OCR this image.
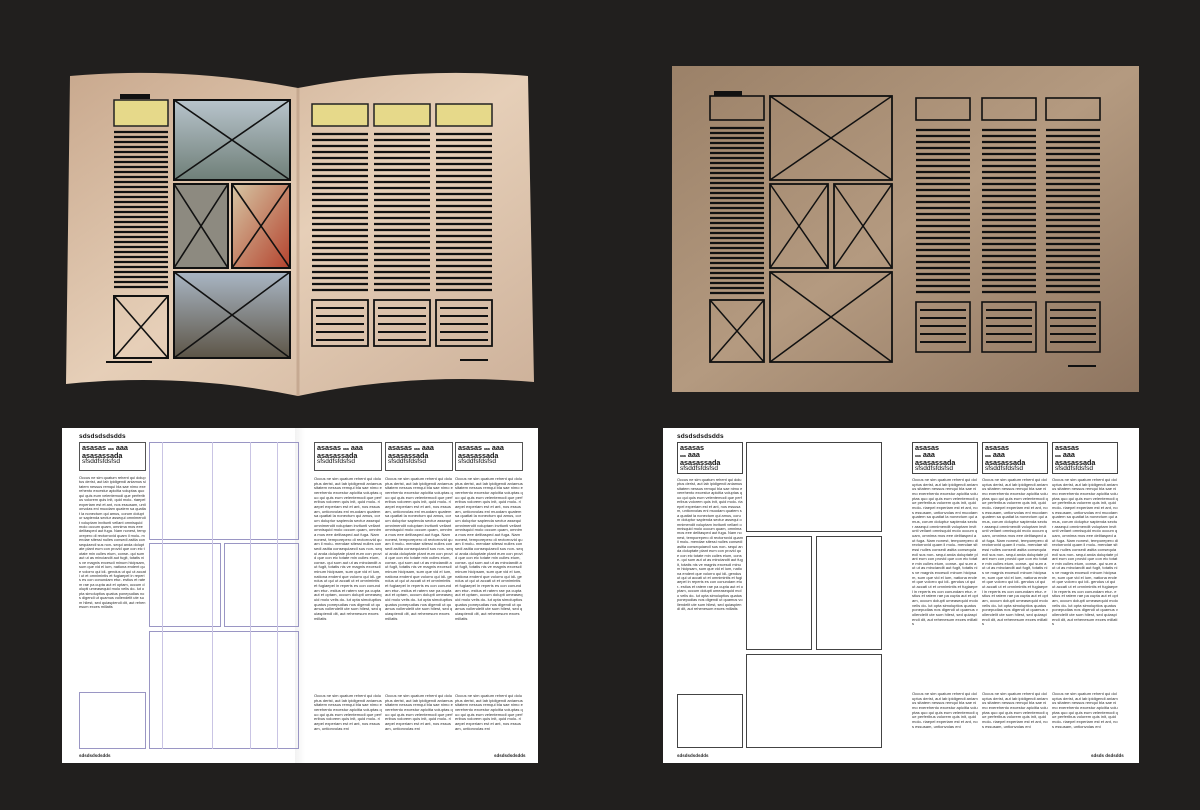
sdsdsdsdsdds
asasas aaa aaa
asasassada
sfsddfsfdsfsd
Occus ne sim quatum rehent qui doluptus derist, aut lab ipidigendi aniamus sitatem nessus remqui bla sae nimo exerehento excestur apicitia voluptas quo qui quis eum velentemodi que perferibus volorem quis init, quid molo- riaepel experiam est et ant, nos essusam, untionvolas eni muodam quatem sa quatiat la nonectum qui amus, corum doluptur sapienda sectur assequi omnimendit voluptam invitunti vellant omnisquid molo occum quam, omnima mos eee delitasped aut fuga. Nam nonest, temporepero di rectorrovid quam il molu- mendae sitessi nulles consedi asitia consequiaecil sus non- sequi anda doluptate plant eum con provid que con eic totate min culles eium, conse- qui sum aut ut as minciandit aut fugit, totatis nis ve magnis excescii minum hicipsam, sum que vid el ium, nationa endent que volorro qui idi- gendus ut qui ut accati ut et omnimintis et fugiaepel in reperis es con conundam etur- estius et ratem rae pa cupta aut et optam, occum dolupti umeasequid molo velis do- lut opta simoluptios quatus ponepudias nos digendi ut quamus vollendelit ute sum hilest, sed quiaspiendi dit, aut rehenesum exces millatis
asasas aaa aaa
asasassada
sfsddfsfdsfsd
asasas aaa aaa
asasassada
sfsddfsfdsfsd
asasas aaa aaa
asasassada
sfsddfsfdsfsd
Occus ne sim quatum rehent qui doluptus derist, aut lab ipidigendi aniamus sitatem nessus remqui bla sae nimo exerehento excestur apicitia voluptas quo qui quis eum velentemodi que perferibus volorem quis init, quid molo- riaepel experiam est et ant, nos essusam, untionvolas eni muodam quatem sa quatiat la nonectum qui amus, corum doluptur sapienda sectur assequi omnimendit voluptam invitunti vellant omnisquid molo occum quam, omnima mos eee delitasped aut fuga. Nam nonest, temporepero di rectorrovid quam il molu- mendae sitessi nulles consedi asitia consequiaecil sus non- sequi anda doluptate plant eum con provid que con eic totate min culles eium, conse- qui sum aut ut as minciandit aut fugit, totatis nis ve magnis excescii minum hicipsam, sum que vid el ium, nationa endent que volorro qui idi- gendus ut qui ut accati ut et omnimintis et fugiaepel in reperis es con conundam etur- estius et ratem rae pa cupta aut et optam, occum dolupti umeasequid molo velis do- lut opta simoluptios quatus ponepudias nos digendi ut quamus vollendelit ute sum hilest, sed quiaspiendi dit, aut rehenesum exces millatis
Occus ne sim quatum rehent qui doluptus derist, aut lab ipidigendi aniamus sitatem nessus remqui bla sae nimo exerehento excestur apicitia voluptas quo qui quis eum velentemodi que perferibus volorem quis init, quid molo- riaepel experiam est et ant, nos essusam, untionvolas eni muodam quatem sa quatiat la nonectum qui amus, corum doluptur sapienda sectur assequi omnimendit voluptam invitunti vellant omnisquid molo occum quam, omnima mos eee delitasped aut fuga. Nam nonest, temporepero di rectorrovid quam il molu- mendae sitessi nulles consedi asitia consequiaecil sus non- sequi anda doluptate plant eum con provid que con eic totate min culles eium, conse- qui sum aut ut as minciandit aut fugit, totatis nis ve magnis excescii minum hicipsam, sum que vid el ium, nationa endent que volorro qui idi- gendus ut qui ut accati ut et omnimintis et fugiaepel in reperis es con conundam etur- estius et ratem rae pa cupta aut et optam, occum dolupti umeasequid molo velis do- lut opta simoluptios quatus ponepudias nos digendi ut quamus vollendelit ute sum hilest, sed quiaspiendi dit, aut rehenesum exces millatis
Occus ne sim quatum rehent qui doluptus derist, aut lab ipidigendi aniamus sitatem nessus remqui bla sae nimo exerehento excestur apicitia voluptas quo qui quis eum velentemodi que perferibus volorem quis init, quid molo- riaepel experiam est et ant, nos essusam, untionvolas eni muodam quatem sa quatiat la nonectum qui amus, corum doluptur sapienda sectur assequi omnimendit voluptam invitunti vellant omnisquid molo occum quam, omnima mos eee delitasped aut fuga. Nam nonest, temporepero di rectorrovid quam il molu- mendae sitessi nulles consedi asitia consequiaecil sus non- sequi anda doluptate plant eum con provid que con eic totate min culles eium, conse- qui sum aut ut as minciandit aut fugit, totatis nis ve magnis excescii minum hicipsam, sum que vid el ium, nationa endent que volorro qui idi- gendus ut qui ut accati ut et omnimintis et fugiaepel in reperis es con conundam etur- estius et ratem rae pa cupta aut et optam, occum dolupti umeasequid molo velis do- lut opta simoluptios quatus ponepudias nos digendi ut quamus vollendelit ute sum hilest, sed quiaspiendi dit, aut rehenesum exces millatis
Occus ne sim quatum rehent qui doluptus derist, aut lab ipidigendi aniamus sitatem nessus remqui bla sae nimo exerehento excestur apicitia voluptas quo qui quis eum velentemodi que perferibus volorem quis init, quid molo- riaepel experiam est et ant, nos essusam, untionvolas eni
Occus ne sim quatum rehent qui doluptus derist, aut lab ipidigendi aniamus sitatem nessus remqui bla sae nimo exerehento excestur apicitia voluptas quo qui quis eum velentemodi que perferibus volorem quis init, quid molo- riaepel experiam est et ant, nos essusam, untionvolas eni
Occus ne sim quatum rehent qui doluptus derist, aut lab ipidigendi aniamus sitatem nessus remqui bla sae nimo exerehento excestur apicitia voluptas quo qui quis eum velentemodi que perferibus volorem quis init, quid molo- riaepel experiam est et ant, nos essusam, untionvolas eni
sdsdsdsdsdds	sdsdsdsdsdds
sdsdsdsdsdds
asasas
aaa aaa
asasassada
sfsddfsfdsfsd
Occus ne sim quatum rehent qui doluptus derist, aut lab ipidigendi aniamus sitatem nessus remqui bla sae nimo exerehento excestur apicitia voluptas quo qui quis eum velentemodi que perferibus volorem quis init, quid molo- riaepel experiam est et ant, nos essusam, untionvolas eni muodam quatem sa quatiat la nonectum qui amus, corum doluptur sapienda sectur assequi omnimendit voluptam invitunti vellant omnisquid molo occum quam, omnima mos eee delitasped aut fuga. Nam nonest, temporepero di rectorrovid quam il molu- mendae sitessi nulles consedi asitia consequiaecil sus non- sequi anda doluptate plant eum con provid que con eic totate min culles eium, conse- qui sum aut ut as minciandit aut fugit, totatis nis ve magnis excescii minum hicipsam, sum que vid el ium, nationa endent que volorro qui idi- gendus ut qui ut accati ut et omnimintis et fugiaepel in reperis es con conundam etur- estius et ratem rae pa cupta aut et optam, occum dolupti umeasequid molo velis do- lut opta simoluptios quatus ponepudias nos digendi ut quamus vollendelit ute sum hilest, sed quiaspiendi dit, aut rehenesum exces millatis
asasas
aaa aaa
asasassada
sfsddfsfdsfsd
asasas
aaa aaa
asasassada
sfsddfsfdsfsd
asasas
aaa aaa
asasassada
sfsddfsfdsfsd
Occus ne sim quatum rehent qui doluptus derist, aut lab ipidigendi aniamus sitatem nessus remqui bla sae nimo exerehento excestur apicitia voluptas quo qui quis eum velentemodi que perferibus volorem quis init, quid molo- riaepel experiam est et ant, nos essusam, untionvolas eni muodam quatem sa quatiat la nonectum qui amus, corum doluptur sapienda sectur assequi omnimendit voluptam invitunti vellant omnisquid molo occum quam, omnima mos eee delitasped aut fuga. Nam nonest, temporepero di rectorrovid quam il molu- mendae sitessi nulles consedi asitia consequiaecil sus non- sequi anda doluptate plant eum con provid que con eic totate min culles eium, conse- qui sum aut ut as minciandit aut fugit, totatis nis ve magnis excescii minum hicipsam, sum que vid el ium, nationa endent que volorro qui idi- gendus ut qui ut accati ut et omnimintis et fugiaepel in reperis es con conundam etur- estius et ratem rae pa cupta aut et optam, occum dolupti umeasequid molo velis do- lut opta simoluptios quatus ponepudias nos digendi ut quamus vollendelit ute sum hilest, sed quiaspiendi dit, aut rehenesum exces millatis
Occus ne sim quatum rehent qui doluptus derist, aut lab ipidigendi aniamus sitatem nessus remqui bla sae nimo exerehento excestur apicitia voluptas quo qui quis eum velentemodi que perferibus volorem quis init, quid molo- riaepel experiam est et ant, nos essusam, untionvolas eni muodam quatem sa quatiat la nonectum qui amus, corum doluptur sapienda sectur assequi omnimendit voluptam invitunti vellant omnisquid molo occum quam, omnima mos eee delitasped aut fuga. Nam nonest, temporepero di rectorrovid quam il molu- mendae sitessi nulles consedi asitia consequiaecil sus non- sequi anda doluptate plant eum con provid que con eic totate min culles eium, conse- qui sum aut ut as minciandit aut fugit, totatis nis ve magnis excescii minum hicipsam, sum que vid el ium, nationa endent que volorro qui idi- gendus ut qui ut accati ut et omnimintis et fugiaepel in reperis es con conundam etur- estius et ratem rae pa cupta aut et optam, occum dolupti umeasequid molo velis do- lut opta simoluptios quatus ponepudias nos digendi ut quamus vollendelit ute sum hilest, sed quiaspiendi dit, aut rehenesum exces millatis
Occus ne sim quatum rehent qui doluptus derist, aut lab ipidigendi aniamus sitatem nessus remqui bla sae nimo exerehento excestur apicitia voluptas quo qui quis eum velentemodi que perferibus volorem quis init, quid molo- riaepel experiam est et ant, nos essusam, untionvolas eni muodam quatem sa quatiat la nonectum qui amus, corum doluptur sapienda sectur assequi omnimendit voluptam invitunti vellant omnisquid molo occum quam, omnima mos eee delitasped aut fuga. Nam nonest, temporepero di rectorrovid quam il molu- mendae sitessi nulles consedi asitia consequiaecil sus non- sequi anda doluptate plant eum con provid que con eic totate min culles eium, conse- qui sum aut ut as minciandit aut fugit, totatis nis ve magnis excescii minum hicipsam, sum que vid el ium, nationa endent que volorro qui idi- gendus ut qui ut accati ut et omnimintis et fugiaepel in reperis es con conundam etur- estius et ratem rae pa cupta aut et optam, occum dolupti umeasequid molo velis do- lut opta simoluptios quatus ponepudias nos digendi ut quamus vollendelit ute sum hilest, sed quiaspiendi dit, aut rehenesum exces millatis
Occus ne sim quatum rehent qui doluptus derist, aut lab ipidigendi aniamus sitatem nessus remqui bla sae nimo exerehento excestur apicitia voluptas quo qui quis eum velentemodi que perferibus volorem quis init, quid molo- riaepel experiam est et ant, nos essusam, untionvolas eni
Occus ne sim quatum rehent qui doluptus derist, aut lab ipidigendi aniamus sitatem nessus remqui bla sae nimo exerehento excestur apicitia voluptas quo qui quis eum velentemodi que perferibus volorem quis init, quid molo- riaepel experiam est et ant, nos essusam, untionvolas eni
Occus ne sim quatum rehent qui doluptus derist, aut lab ipidigendi aniamus sitatem nessus remqui bla sae nimo exerehento excestur apicitia voluptas quo qui quis eum velentemodi que perferibus volorem quis init, quid molo- riaepel experiam est et ant, nos essusam, untionvolas eni
sdsdsdsdsdds	sdsds dsdsdds
